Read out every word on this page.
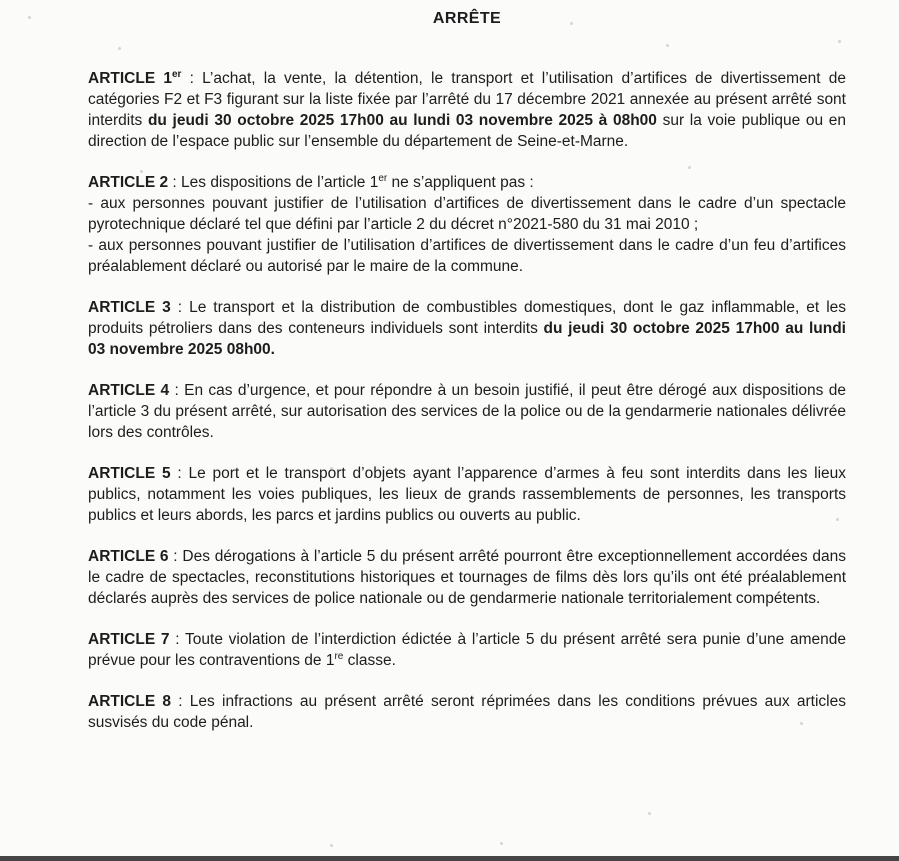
ARRÊTE
ARTICLE 1er : L’achat, la vente, la détention, le transport et l’utilisation d’artifices de divertissement de catégories F2 et F3 figurant sur la liste fixée par l’arrêté du 17 décembre 2021 annexée au présent arrêté sont interdits du jeudi 30 octobre 2025 17h00 au lundi 03 novembre 2025 à 08h00 sur la voie publique ou en direction de l’espace public sur l’ensemble du département de Seine-et-Marne.
ARTICLE 2 : Les dispositions de l’article 1er ne s’appliquent pas :
- aux personnes pouvant justifier de l’utilisation d’artifices de divertissement dans le cadre d’un spectacle pyrotechnique déclaré tel que défini par l’article 2 du décret n°2021-580 du 31 mai 2010 ;
- aux personnes pouvant justifier de l’utilisation d’artifices de divertissement dans le cadre d’un feu d’artifices préalablement déclaré ou autorisé par le maire de la commune.
ARTICLE 3 : Le transport et la distribution de combustibles domestiques, dont le gaz inflammable, et les produits pétroliers dans des conteneurs individuels sont interdits du jeudi 30 octobre 2025 17h00 au lundi 03 novembre 2025 08h00.
ARTICLE 4 : En cas d’urgence, et pour répondre à un besoin justifié, il peut être dérogé aux dispositions de l’article 3 du présent arrêté, sur autorisation des services de la police ou de la gendarmerie nationales délivrée lors des contrôles.
ARTICLE 5 : Le port et le transport d’objets ayant l’apparence d’armes à feu sont interdits dans les lieux publics, notamment les voies publiques, les lieux de grands rassemblements de personnes, les transports publics et leurs abords, les parcs et jardins publics ou ouverts au public.
ARTICLE 6 : Des dérogations à l’article 5 du présent arrêté pourront être exceptionnellement accordées dans le cadre de spectacles, reconstitutions historiques et tournages de films dès lors qu’ils ont été préalablement déclarés auprès des services de police nationale ou de gendarmerie nationale territorialement compétents.
ARTICLE 7 : Toute violation de l’interdiction édictée à l’article 5 du présent arrêté sera punie d’une amende prévue pour les contraventions de 1re classe.
ARTICLE 8 : Les infractions au présent arrêté seront réprimées dans les conditions prévues aux articles susvisés du code pénal.
